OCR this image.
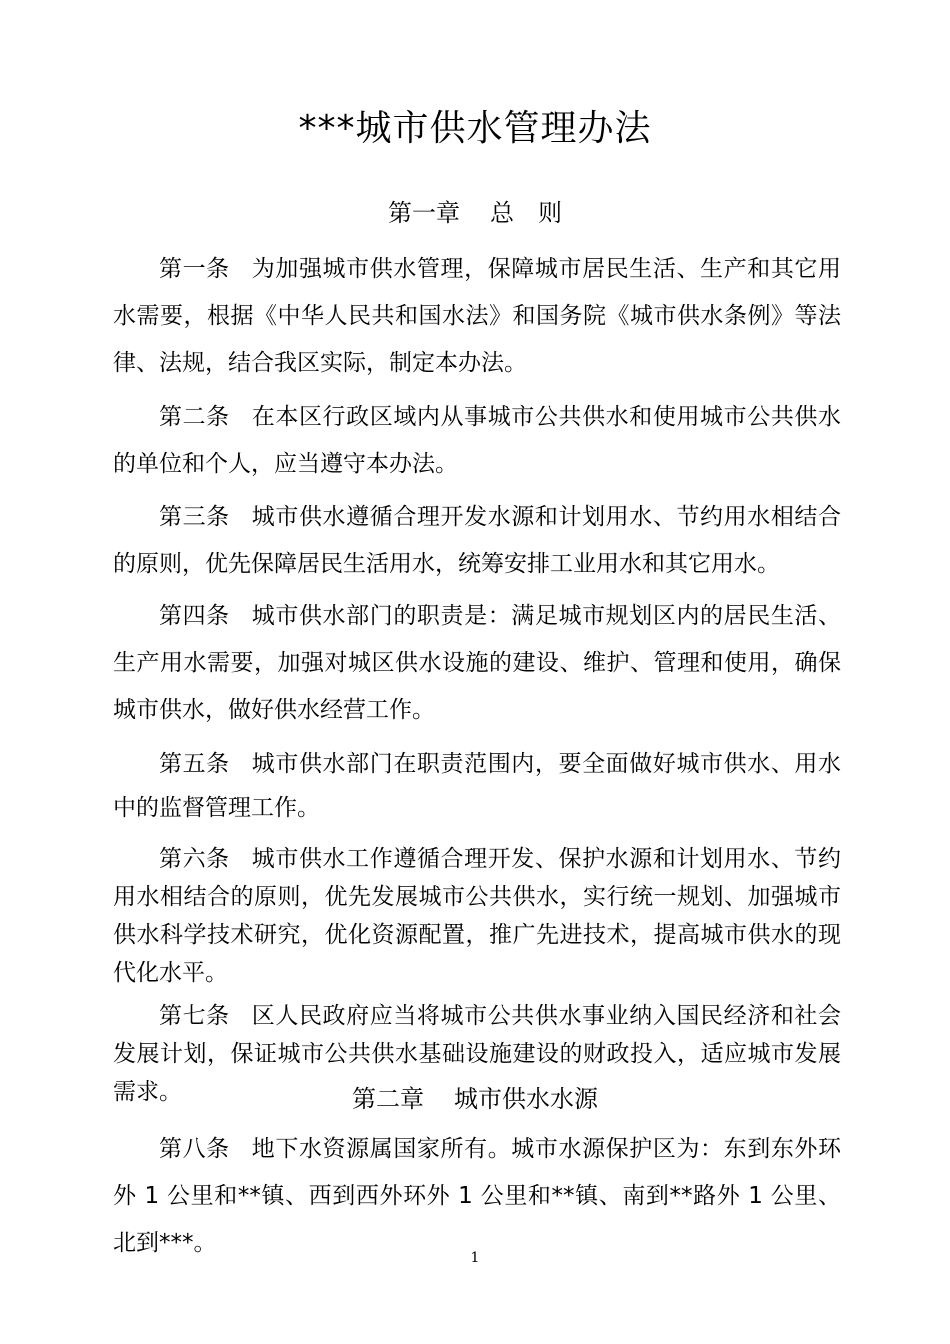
***城市供水管理办法
第一章 总　则
第一条 为加强城市供水管理，保障城市居民生活、生产和其它用水需要，根据《中华人民共和国水法》和国务院《城市供水条例》等法律、法规，结合我区实际，制定本办法。
第二条 在本区行政区域内从事城市公共供水和使用城市公共供水的单位和个人，应当遵守本办法。
第三条 城市供水遵循合理开发水源和计划用水、节约用水相结合的原则，优先保障居民生活用水，统筹安排工业用水和其它用水。
第四条 城市供水部门的职责是：满足城市规划区内的居民生活、生产用水需要，加强对城区供水设施的建设、维护、管理和使用，确保城市供水，做好供水经营工作。
第五条 城市供水部门在职责范围内，要全面做好城市供水、用水中的监督管理工作。
第六条 城市供水工作遵循合理开发、保护水源和计划用水、节约用水相结合的原则，优先发展城市公共供水，实行统一规划、加强城市供水科学技术研究，优化资源配置，推广先进技术，提高城市供水的现代化水平。
第七条 区人民政府应当将城市公共供水事业纳入国民经济和社会发展计划，保证城市公共供水基础设施建设的财政投入，适应城市发展需求。	第二章 城市供水水源
第八条 地下水资源属国家所有。城市水源保护区为：东到东外环外 1 公里和**镇、西到西外环外 1 公里和**镇、南到**路外 1 公里、北到***。
1
